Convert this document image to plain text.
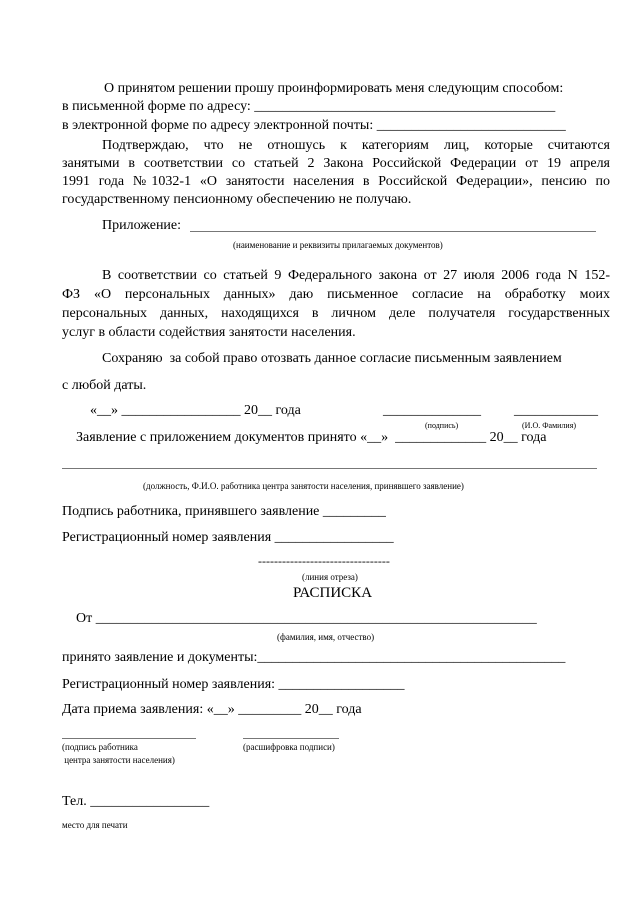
О принятом решении прошу проинформировать меня следующим способом:
в письменной форме по адресу: ___________________________________________
в электронной форме по адресу электронной почты: ___________________________
Подтверждаю, что не отношусь к категориям лиц, которые считаются
занятыми в соответствии со статьей 2 Закона Российской Федерации от 19 апреля
1991 года №1032-1 «О занятости населения в Российской Федерации», пенсию по
государственному пенсионному обеспечению не получаю.
Приложение:
(наименование и реквизиты прилагаемых документов)
В соответствии со статьей 9 Федерального закона от 27 июля 2006 года N 152-
ФЗ «О персональных данных» даю письменное согласие на обработку моих
персональных данных, находящихся в личном деле получателя государственных
услуг в области содействия занятости населения.
Сохраняю  за собой право отозвать данное согласие письменным заявлением
с любой даты.
«__» _________________ 20__ года	______________ ____________
(подпись)	(И.О. Фамилия)
Заявление с приложением документов принято «__»  _____________ 20__ года
(должность, Ф.И.О. работника центра занятости населения, принявшего заявление)
Подпись работника, принявшего заявление _________
Регистрационный номер заявления _________________
---------------------------------
(линия отреза)
РАСПИСКА
От _______________________________________________________________
(фамилия, имя, отчество)
принято заявление и документы:____________________________________________
Регистрационный номер заявления: __________________
Дата приема заявления: «__» _________ 20__ года
(подпись работника
центра занятости населения)
(расшифровка подписи)
Тел. _________________
место для печати
